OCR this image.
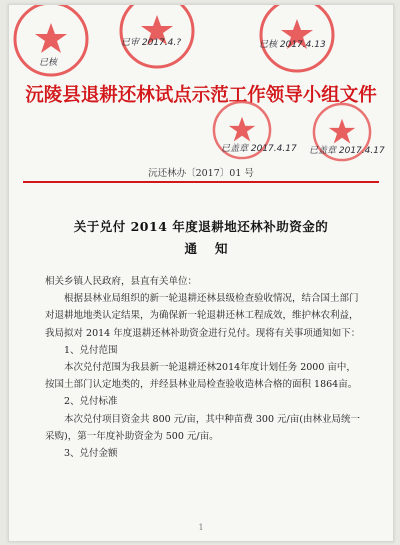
已核
已审 2017.4.?	已核 2017.4.13
沅陵县退耕还林试点示范工作领导小组文件
已盖章 2017.4.17 已盖章 2017.4.17
沅还林办〔2017〕01 号
关于兑付 2014 年度退耕地还林补助资金的
通知

相关乡镇人民政府，县直有关单位：

根据县林业局组织的新一轮退耕还林县级检查验收情况，结合国土部门对退耕地地类认定结果，为确保新一轮退耕还林工程成效，维护林农利益，我局拟对 2014 年度退耕还林补助资金进行兑付。现将有关事项通知如下：

1、兑付范围

本次兑付范围为我县新一轮退耕还林2014年度计划任务 2000 亩中，按国土部门认定地类的，并经县林业局检查验收造林合格的面积 1864亩。

2、兑付标准

本次兑付项目资金共 800 元/亩，其中种苗费 300 元/亩(由林业局统一采购)，第一年度补助资金为 500 元/亩。

3、兑付金额

1
